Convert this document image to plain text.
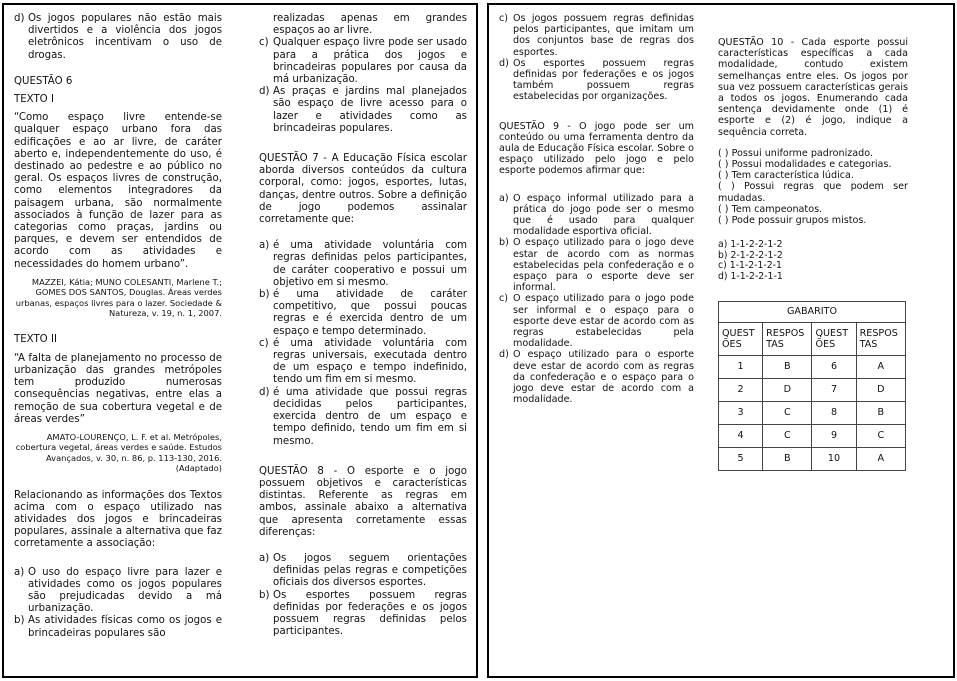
d) Os jogos populares não estão mais divertidos e a violência dos jogos eletrônicos incentivam o uso de drogas.

QUESTÃO 6

TEXTO I

“Como espaço livre entende-se qualquer espaço urbano fora das edificações e ao ar livre, de caráter aberto e, independentemente do uso, é destinado ao pedestre e ao público no geral. Os espaços livres de construção, como elementos integradores da paisagem urbana, são normalmente associados à função de lazer para as categorias como praças, jardins ou parques, e devem ser entendidos de acordo com as atividades e necessidades do homem urbano”.

MAZZEI, Kátia; MUNO COLESANTI, Marlene T.; GOMES DOS SANTOS, Douglas. Áreas verdes urbanas, espaços livres para o lazer. Sociedade & Natureza, v. 19, n. 1, 2007.

TEXTO II

“A falta de planejamento no processo de urbanização das grandes metrópoles tem produzido numerosas consequências negativas, entre elas a remoção de sua cobertura vegetal e de áreas verdes”

AMATO-LOURENÇO, L. F. et al. Metrópoles, cobertura vegetal, áreas verdes e saúde. Estudos Avançados, v. 30, n. 86, p. 113-130, 2016. (Adaptado)

Relacionando as informações dos Textos acima com o espaço utilizado nas atividades dos jogos e brincadeiras populares, assinale a alternativa que faz corretamente a associação:

a) O uso do espaço livre para lazer e atividades como os jogos populares são prejudicadas devido a má urbanização.
b) As atividades físicas como os jogos e brincadeiras populares são

realizadas apenas em grandes espaços ao ar livre.

c) Qualquer espaço livre pode ser usado para a prática dos jogos e brincadeiras populares por causa da má urbanização.
d) As praças e jardins mal planejados são espaço de livre acesso para o lazer e atividades como as brincadeiras populares.

QUESTÃO 7 - A Educação Física escolar aborda diversos conteúdos da cultura corporal, como: jogos, esportes, lutas, danças, dentre outros. Sobre a definição de jogo podemos assinalar corretamente que:

a) é uma atividade voluntária com regras definidas pelos participantes, de caráter cooperativo e possui um objetivo em si mesmo.
b) é uma atividade de caráter competitivo, que possui poucas regras e é exercida dentro de um espaço e tempo determinado.
c) é uma atividade voluntária com regras universais, executada dentro de um espaço e tempo indefinido, tendo um fim em si mesmo.
d) é uma atividade que possui regras decididas pelos participantes, exercida dentro de um espaço e tempo definido, tendo um fim em si mesmo.

QUESTÃO 8 - O esporte e o jogo possuem objetivos e características distintas. Referente as regras em ambos, assinale abaixo a alternativa que apresenta corretamente essas diferenças:

a) Os jogos seguem orientações definidas pelas regras e competições oficiais dos diversos esportes.
b) Os esportes possuem regras definidas por federações e os jogos possuem regras definidas pelos participantes.
c) Os jogos possuem regras definidas pelos participantes, que imitam um dos conjuntos base de regras dos esportes.
d) Os esportes possuem regras definidas por federações e os jogos também possuem regras estabelecidas por organizações.

QUESTÃO 9 - O jogo pode ser um conteúdo ou uma ferramenta dentro da aula de Educação Física escolar. Sobre o espaço utilizado pelo jogo e pelo esporte podemos afirmar que:

a) O espaço informal utilizado para a prática do jogo pode ser o mesmo que é usado para qualquer modalidade esportiva oficial.
b) O espaço utilizado para o jogo deve estar de acordo com as normas estabelecidas pela confederação e o espaço para o esporte deve ser informal.
c) O espaço utilizado para o jogo pode ser informal e o espaço para o esporte deve estar de acordo com as regras estabelecidas pela modalidade.
d) O espaço utilizado para o esporte deve estar de acordo com as regras da confederação e o espaço para o jogo deve estar de acordo com a modalidade.

QUESTÃO 10 - Cada esporte possui características específicas a cada modalidade, contudo existem semelhanças entre eles. Os jogos por sua vez possuem características gerais a todos os jogos. Enumerando cada sentença devidamente onde (1) é esporte e (2) é jogo, indique a sequência correta.

( ) Possui uniforme padronizado.

( ) Possui modalidades e categorias.

( ) Tem característica lúdica.

( ) Possui regras que podem ser mudadas.

( ) Tem campeonatos.

( ) Pode possuir grupos mistos.

a) 1-1-2-2-1-2

b) 2-1-2-2-1-2

c) 1-1-2-1-2-1

d) 1-1-2-2-1-1

GABARITO			
QUEST ÕES	RESPOS TAS	QUEST ÕES	RESPOS TAS
1	B	6	A
2	D	7	D
3	C	8	B
4	C	9	C
5	B	10	A
